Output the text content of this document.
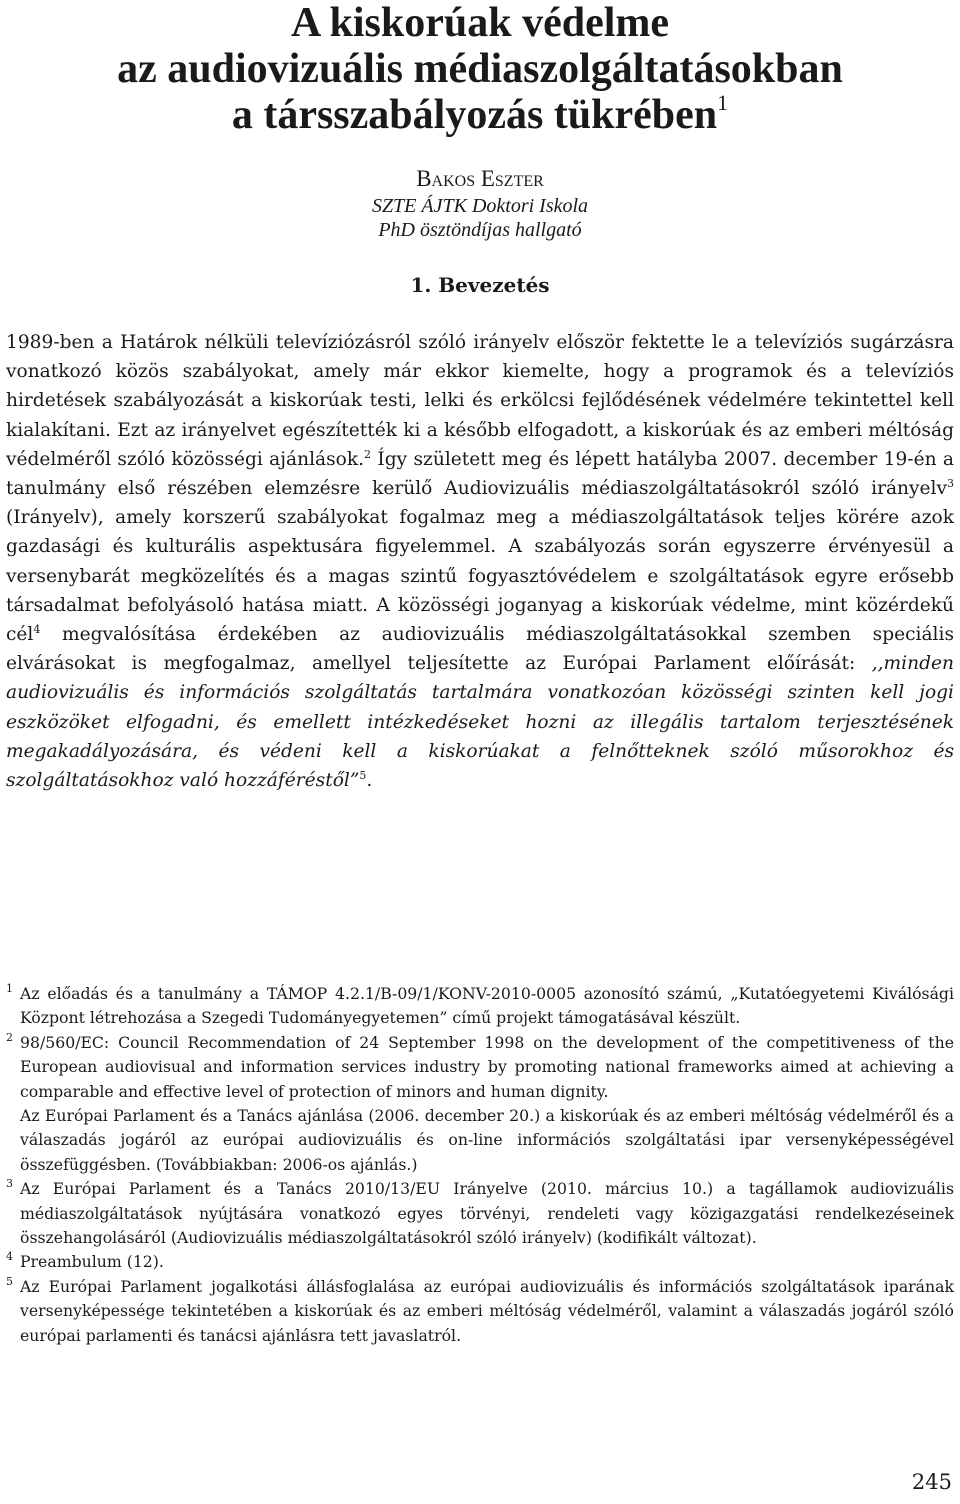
A kiskorúak védelme
az audiovizuális médiaszolgáltatásokban
a társszabályozás tükrében$^1$
Bakos Eszter
SZTE ÁJTK Doktori Iskola
PhD ösztöndíjas hallgató
1. Bevezetés

1989-ben a Határok nélküli televíziózásról szóló irányelv először fektette le a televíziós sugárzásra vonatkozó közös szabályokat, amely már ekkor kiemelte, hogy a programok és a televíziós hirdetések szabályozását a kiskorúak testi, lelki és erkölcsi fejlődésének védelmére tekintettel kell kialakítani. Ezt az irányelvet egészítették ki a később elfogadott, a kiskorúak és az emberi méltóság védelméről szóló közösségi ajánlások.$^2$ Így született meg és lépett hatályba 2007. december 19-én a tanulmány első részében elemzésre kerülő Audiovizuális médiaszolgáltatásokról szóló irányelv$^3$ (Irányelv), amely korszerű szabályokat fogalmaz meg a médiaszolgáltatások teljes körére azok gazdasági és kulturális aspektusára figyelemmel. A szabályozás során egyszerre érvényesül a versenybarát megközelítés és a magas szintű fogyasztóvédelem e szolgáltatások egyre erősebb társadalmat befolyásoló hatása miatt. A közösségi joganyag a kiskorúak védelme, mint közérdekű cél$^4$ megvalósítása érdekében az audiovizuális médiaszolgáltatásokkal szemben speciális elvárásokat is megfogalmaz, amellyel teljesítette az Európai Parlament előírását: ,,minden audiovizuális és információs szolgáltatás tartalmára vonatkozóan közösségi szinten kell jogi eszközöket elfogadni, és emellett intézkedéseket hozni az illegális tartalom terjesztésének megakadályozására, és védeni kell a kiskorúakat a felnőtteknek szóló műsorokhoz és szolgáltatásokhoz való hozzáféréstől”$^5$.

1 Az előadás és a tanulmány a TÁMOP 4.2.1/B-09/1/KONV-2010-0005 azonosító számú, „Kutatóegyetemi Kiválósági Központ létrehozása a Szegedi Tudományegyetemen” című projekt támogatásával készült.

2 98/560/EC: Council Recommendation of 24 September 1998 on the development of the competitiveness of the European audiovisual and information services industry by promoting national frameworks aimed at achieving a comparable and effective level of protection of minors and human dignity.

Az Európai Parlament és a Tanács ajánlása (2006. december 20.) a kiskorúak és az emberi méltóság védelméről és a válaszadás jogáról az európai audiovizuális és on-line információs szolgáltatási ipar versenyképességével összefüggésben. (Továbbiakban: 2006-os ajánlás.)

3 Az Európai Parlament és a Tanács 2010/13/EU Irányelve (2010. március 10.) a tagállamok audiovizuális médiaszolgáltatások nyújtására vonatkozó egyes törvényi, rendeleti vagy közigazgatási rendelkezéseinek összehangolásáról (Audiovizuális médiaszolgáltatásokról szóló irányelv) (kodifikált változat).

4 Preambulum (12).

5 Az Európai Parlament jogalkotási állásfoglalása az európai audiovizuális és információs szolgáltatások iparának versenyképessége tekintetében a kiskorúak és az emberi méltóság védelméről, valamint a válaszadás jogáról szóló európai parlamenti és tanácsi ajánlásra tett javaslatról.

245
